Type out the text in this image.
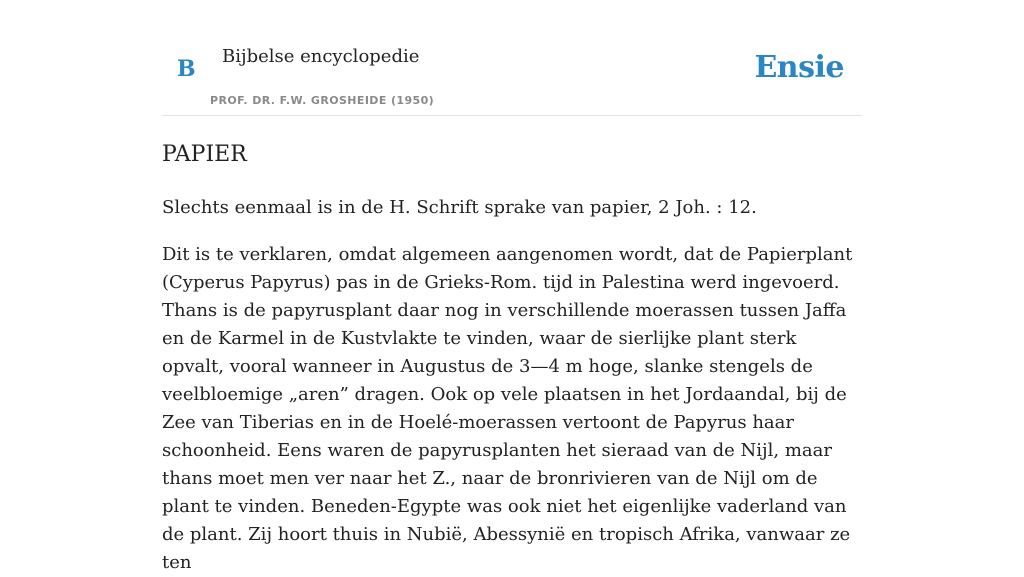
B Bijbelse encyclopedie
PROF. DR. F.W. GROSHEIDE (1950)
Ensie
PAPIER

Slechts eenmaal is in de H. Schrift sprake van papier, 2 Joh. : 12.

Dit is te verklaren, omdat algemeen aangenomen wordt, dat de Papierplant (Cyperus Papyrus) pas in de Grieks-Rom. tijd in Palestina werd ingevoerd. Thans is de papyrusplant daar nog in verschillende moerassen tussen Jaffa en de Karmel in de Kustvlakte te vinden, waar de sierlijke plant sterk opvalt, vooral wanneer in Augustus de 3—4 m hoge, slanke stengels de veelbloemige „aren” dragen. Ook op vele plaatsen in het Jordaandal, bij de Zee van Tiberias en in de Hoelé-moerassen vertoont de Papyrus haar schoonheid. Eens waren de papyrusplanten het sieraad van de Nijl, maar thans moet men ver naar het Z., naar de bronrivieren van de Nijl om de plant te vinden. Beneden-Egypte was ook niet het eigenlijke vaderland van de plant. Zij hoort thuis in Nubië, Abessynië en tropisch Afrika, vanwaar ze ten
